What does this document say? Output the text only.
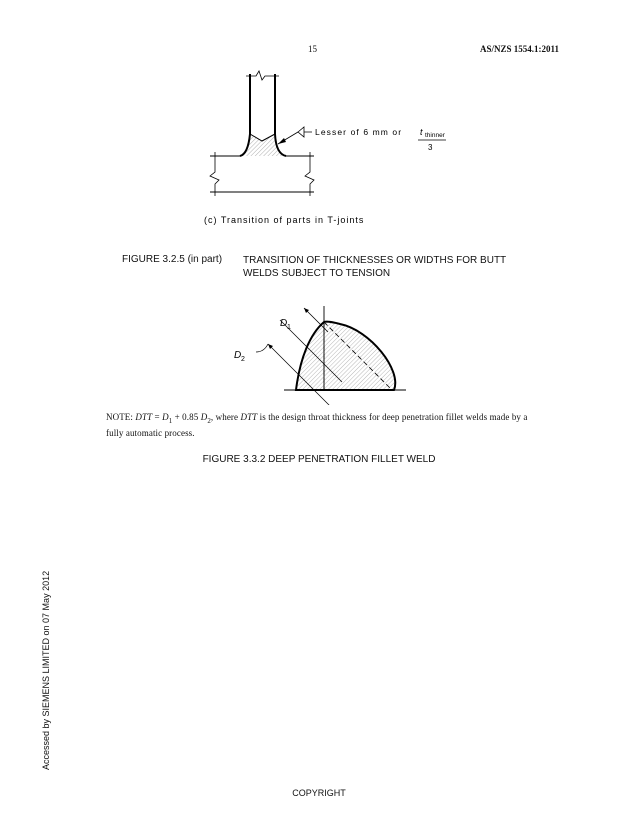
15	AS/NZS 1554.1:2011
Lesser of 6 mm or t thinner
3
(c) Transition of parts in T-joints
FIGURE 3.2.5 (in part) TRANSITION OF THICKNESSES OR WIDTHS FOR BUTT WELDS SUBJECT TO TENSION
D 1
D 2
NOTE: DTT = $D_1 + 0.85$ $D_2$, where DTT is the design throat thickness for deep penetration fillet welds made by a fully automatic process.
FIGURE 3.3.2 DEEP PENETRATION FILLET WELD
Accessed by SIEMENS LIMITED on 07 May 2012
COPYRIGHT
